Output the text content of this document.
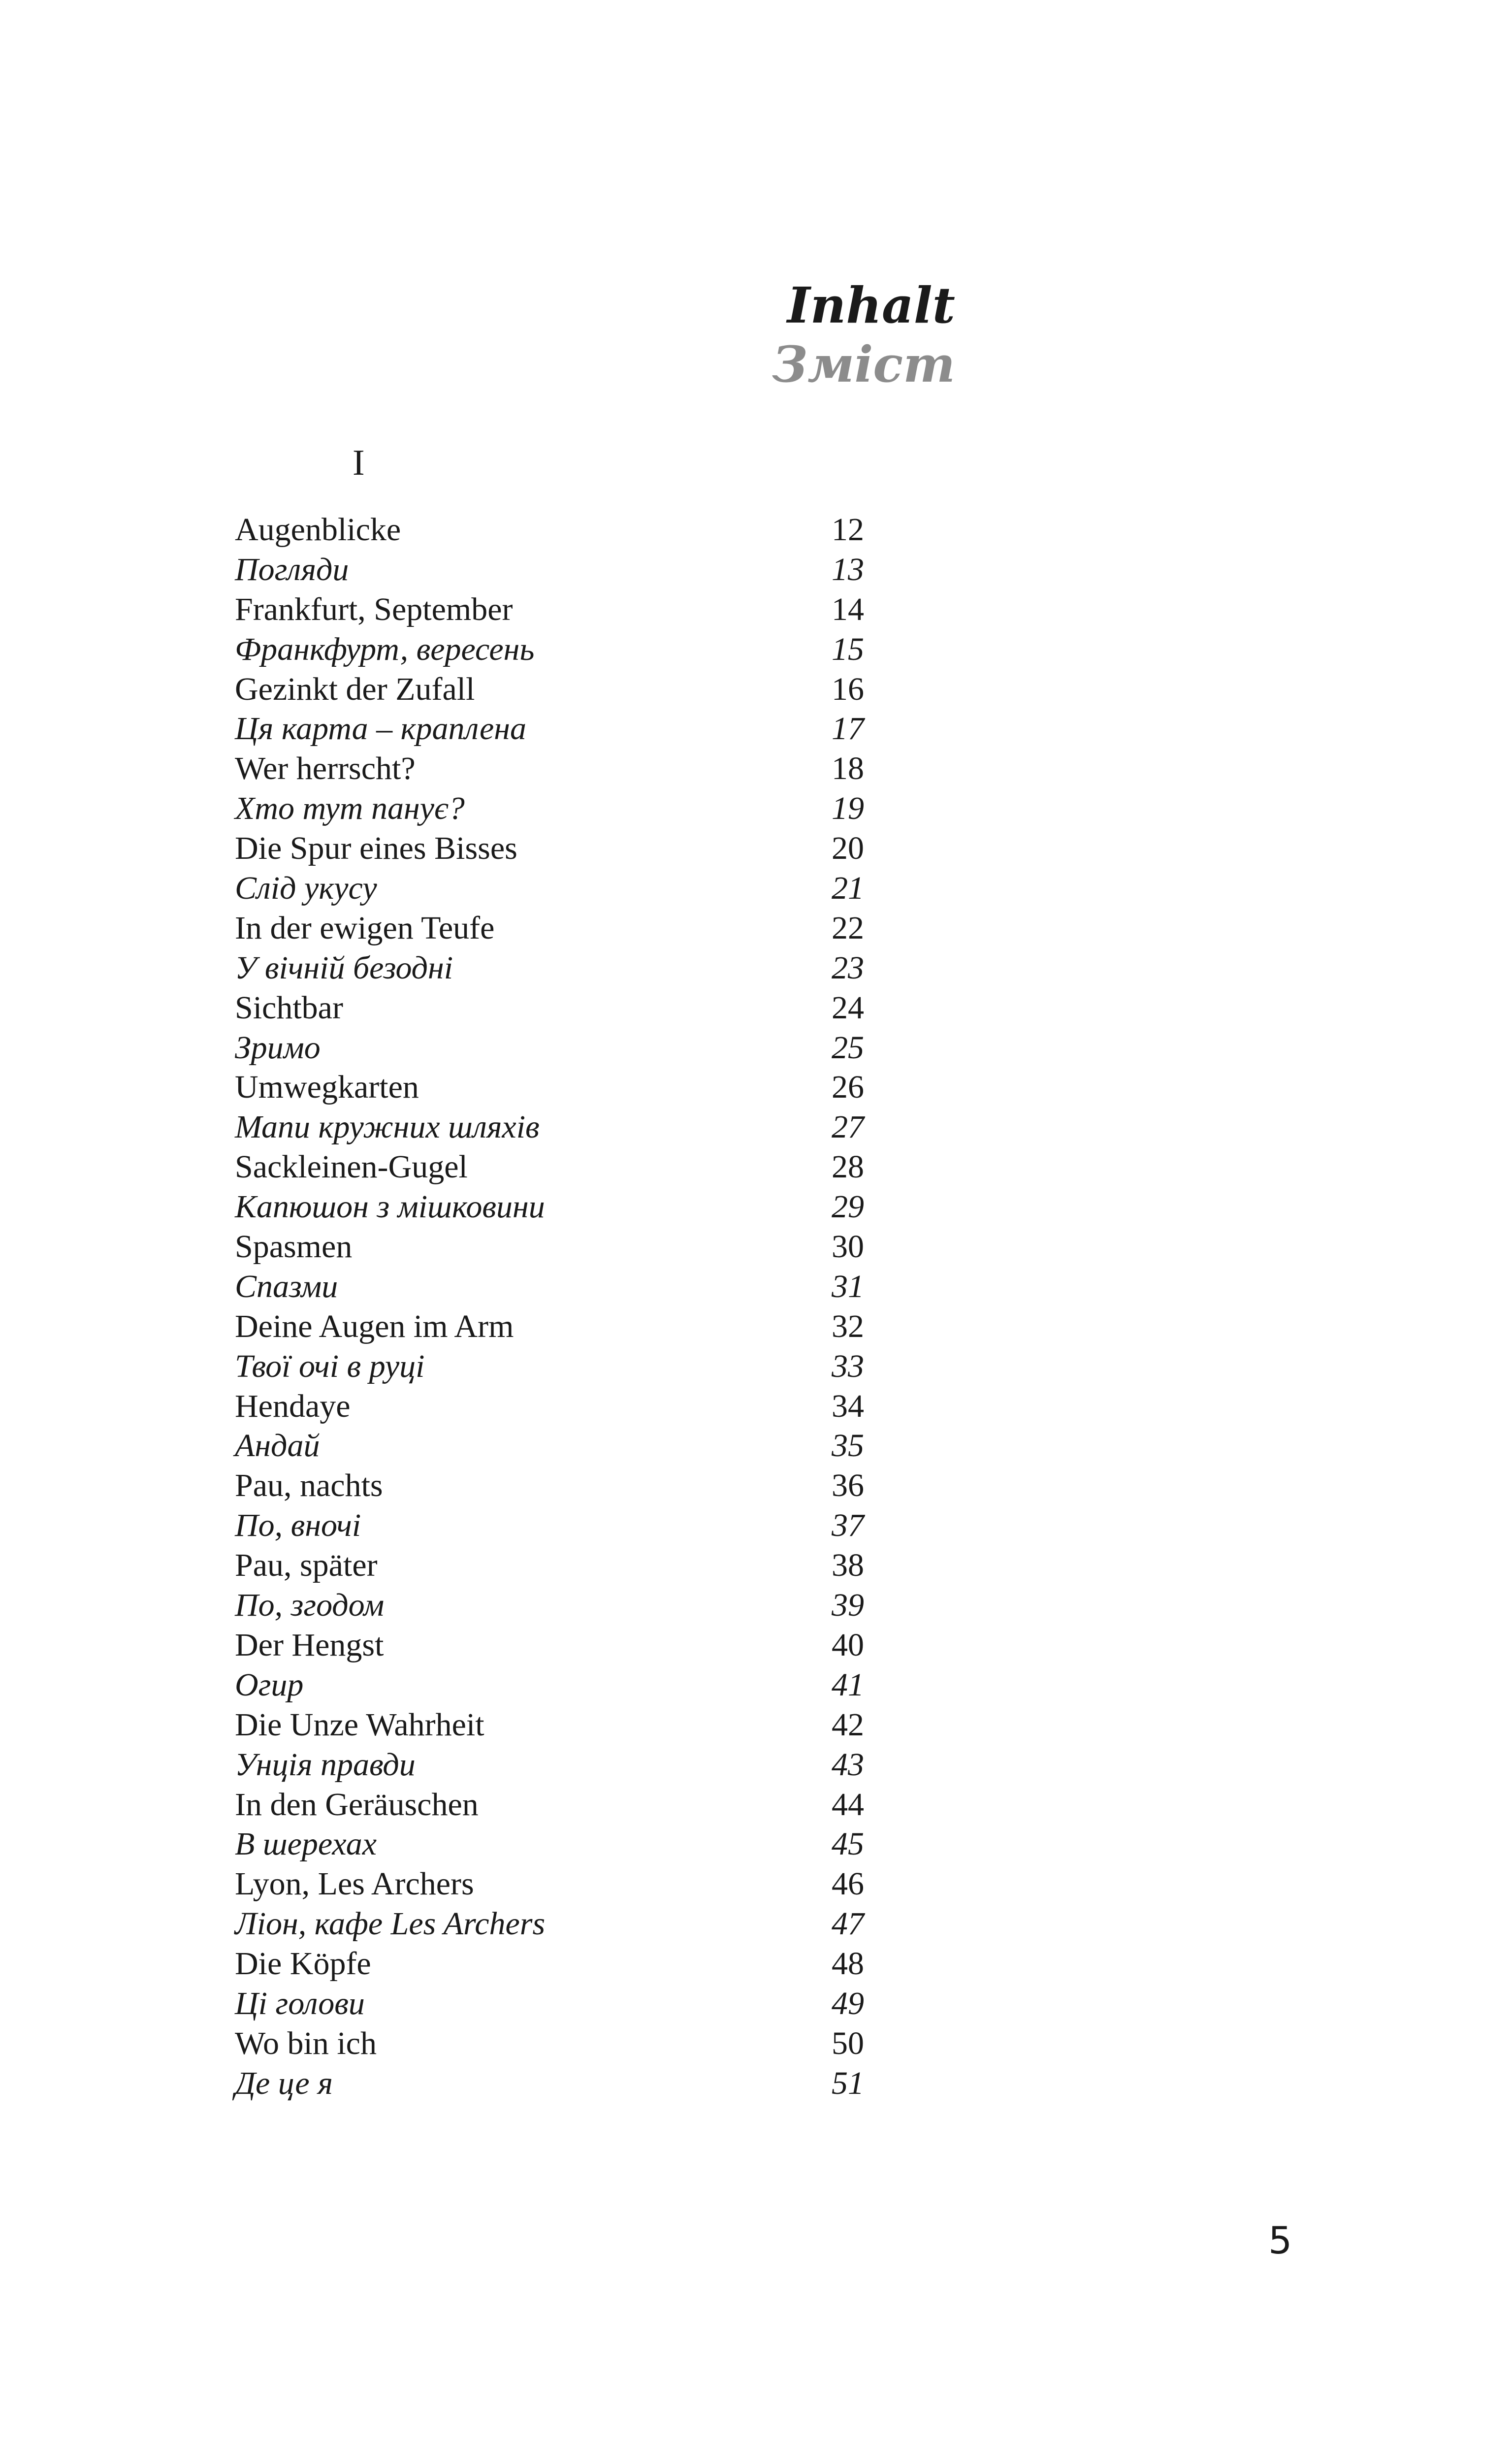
Inhalt
Зміст
I
Augenblicke	12
Погляди	13
Frankfurt, September	14
Франкфурт, вересень	15
Gezinkt der Zufall	16
Ця карта – краплена	17
Wer herrscht?	18
Хто тут панує?	19
Die Spur eines Bisses	20
Слід укусу	21
In der ewigen Teufe	22
У вічній безодні	23
Sichtbar	24
Зримо	25
Umwegkarten	26
Мапи кружних шляхів	27
Sackleinen-Gugel	28
Капюшон з мішковини	29
Spasmen	30
Спазми	31
Deine Augen im Arm	32
Твої очі в руці	33
Hendaye	34
Андай	35
Pau, nachts	36
По, вночі	37
Pau, später	38
По, згодом	39
Der Hengst	40
Огир	41
Die Unze Wahrheit	42
Унція правди	43
In den Geräuschen	44
В шерехах	45
Lyon, Les Archers	46
Ліон, кафе Les Archers	47
Die Köpfe	48
Ці голови	49
Wo bin ich	50
Де це я	51
5
